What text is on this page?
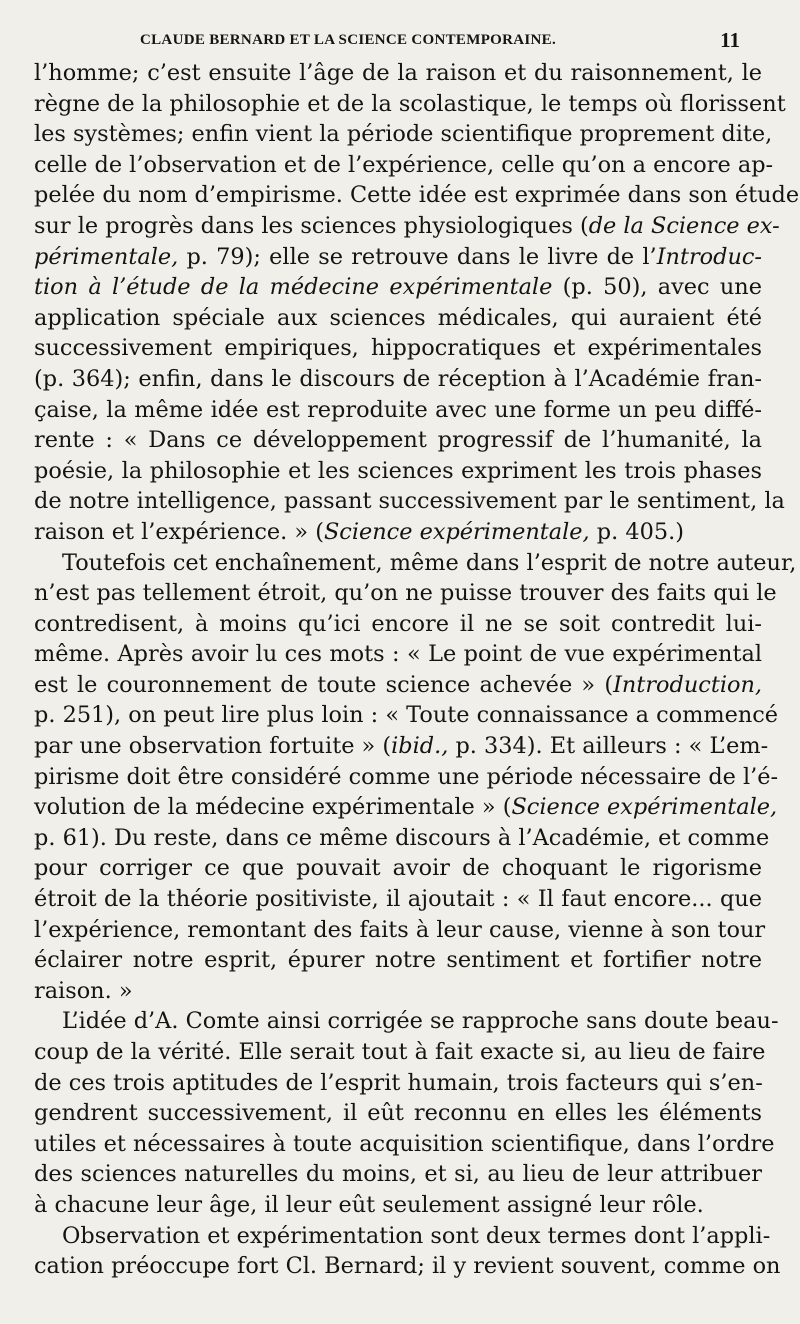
CLAUDE BERNARD ET LA SCIENCE CONTEMPORAINE.	11
l’homme; c’est ensuite l’âge de la raison et du raisonnement, le
règne de la philosophie et de la scolastique, le temps où florissent
les systèmes; enfin vient la période scientifique proprement dite,
celle de l’observation et de l’expérience, celle qu’on a encore ap-
pelée du nom d’empirisme. Cette idée est exprimée dans son étude
sur le progrès dans les sciences physiologiques (de la Science ex-
périmentale, p. 79); elle se retrouve dans le livre de l’Introduc-
tion à l’étude de la médecine expérimentale (p. 50), avec une
application spéciale aux sciences médicales, qui auraient été
successivement empiriques, hippocratiques et expérimentales
(p. 364); enfin, dans le discours de réception à l’Académie fran-
çaise, la même idée est reproduite avec une forme un peu diffé-
rente : « Dans ce développement progressif de l’humanité, la
poésie, la philosophie et les sciences expriment les trois phases
de notre intelligence, passant successivement par le sentiment, la
raison et l’expérience. » (Science expérimentale, p. 405.)
Toutefois cet enchaînement, même dans l’esprit de notre auteur,
n’est pas tellement étroit, qu’on ne puisse trouver des faits qui le
contredisent, à moins qu’ici encore il ne se soit contredit lui-
même. Après avoir lu ces mots : « Le point de vue expérimental
est le couronnement de toute science achevée » (Introduction,
p. 251), on peut lire plus loin : « Toute connaissance a commencé
par une observation fortuite » (ibid., p. 334). Et ailleurs : « L’em-
pirisme doit être considéré comme une période nécessaire de l’é-
volution de la médecine expérimentale » (Science expérimentale,
p. 61). Du reste, dans ce même discours à l’Académie, et comme
pour corriger ce que pouvait avoir de choquant le rigorisme
étroit de la théorie positiviste, il ajoutait : « Il faut encore... que
l’expérience, remontant des faits à leur cause, vienne à son tour
éclairer notre esprit, épurer notre sentiment et fortifier notre
raison. »
L’idée d’A. Comte ainsi corrigée se rapproche sans doute beau-
coup de la vérité. Elle serait tout à fait exacte si, au lieu de faire
de ces trois aptitudes de l’esprit humain, trois facteurs qui s’en-
gendrent successivement, il eût reconnu en elles les éléments
utiles et nécessaires à toute acquisition scientifique, dans l’ordre
des sciences naturelles du moins, et si, au lieu de leur attribuer
à chacune leur âge, il leur eût seulement assigné leur rôle.
Observation et expérimentation sont deux termes dont l’appli-
cation préoccupe fort Cl. Bernard; il y revient souvent, comme on
